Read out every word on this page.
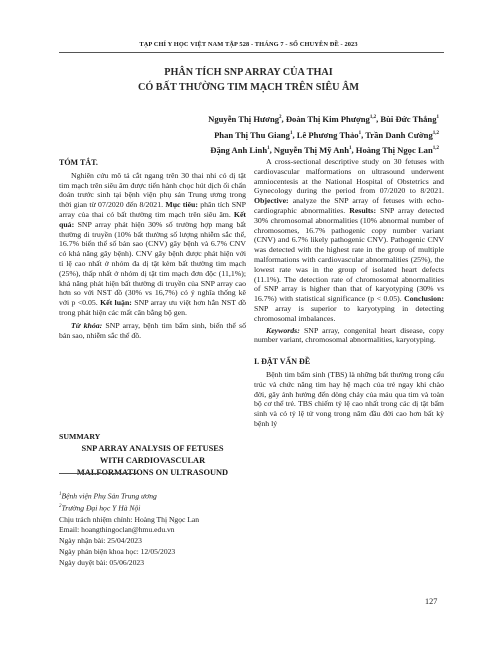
TẠP CHÍ Y HỌC VIỆT NAM TẬP 528 - THÁNG 7 - SỐ CHUYÊN ĐỀ - 2023
PHÂN TÍCH SNP ARRAY CỦA THAI
CÓ BẤT THƯỜNG TIM MẠCH TRÊN SIÊU ÂM
Nguyễn Thị Hương$^2$, Đoàn Thị Kim Phượng$^{1,2}$, Bùi Đức Thắng$^1$
Phan Thị Thu Giang$^1$, Lê Phương Thảo$^1$, Trần Danh Cường$^{1,2}$
Đặng Anh Linh$^1$, Nguyễn Thị Mỹ Anh$^1$, Hoàng Thị Ngọc Lan$^{1,2}$

TÓM TẮT.

Nghiên cứu mô tả cắt ngang trên 30 thai nhi có dị tật tim mạch trên siêu âm được tiến hành chọc hút dịch ối chẩn đoán trước sinh tại bệnh viện phụ sản Trung ương trong thời gian từ 07/2020 đến 8/2021. Mục tiêu: phân tích SNP array của thai có bất thường tim mạch trên siêu âm. Kết quả: SNP array phát hiện 30% số trường hợp mang bất thường di truyền (10% bất thường số lượng nhiễm sắc thể, 16.7% biến thể số bản sao (CNV) gây bệnh và 6.7% CNV có khả năng gây bệnh). CNV gây bệnh được phát hiện với tỉ lệ cao nhất ở nhóm đa dị tật kèm bất thường tim mạch (25%), thấp nhất ở nhóm dị tật tim mạch đơn độc (11,1%); khả năng phát hiện bất thường di truyền của SNP array cao hơn so với NST đồ (30% vs 16,7%) có ý nghĩa thống kê với p <0.05. Kết luận: SNP array ưu việt hơn hẳn NST đồ trong phát hiện các mất cân bằng bộ gen.

Từ khóa: SNP array, bệnh tim bẩm sinh, biến thể số bản sao, nhiễm sắc thể đồ.

SUMMARY
SNP ARRAY ANALYSIS OF FETUSES
WITH CARDIOVASCULAR
MALFORMATIONS ON ULTRASOUND
$^1$Bệnh viện Phụ Sản Trung ương
$^2$Trường Đại học Y Hà Nội
Chịu trách nhiệm chính: Hoàng Thị Ngọc Lan
Email: hoangthingoclan@hmu.edu.vn
Ngày nhận bài: 25/04/2023
Ngày phản biện khoa học: 12/05/2023
Ngày duyệt bài: 05/06/2023

A cross-sectional descriptive study on 30 fetuses with cardiovascular malformations on ultrasound underwent amniocentesis at the National Hospital of Obstetrics and Gynecology during the period from 07/2020 to 8/2021. Objective: analyze the SNP array of fetuses with echo-cardiographic abnormalities. Results: SNP array detected 30% chromosomal abnormalities (10% abnormal number of chromosomes, 16.7% pathogenic copy number variant (CNV) and 6.7% likely pathogenic CNV). Pathogenic CNV was detected with the highest rate in the group of multiple malformations with cardiovascular abnormalities (25%), the lowest rate was in the group of isolated heart defects (11.1%). The detection rate of chromosomal abnormalities of SNP array is higher than that of karyotyping (30% vs 16.7%) with statistical significance (p < 0.05). Conclusion: SNP array is superior to karyotyping in detecting chromosomal imbalances.

Keywords: SNP array, congenital heart disease, copy number variant, chromosomal abnormalities, karyotyping.

I. ĐẶT VẤN ĐỀ

Bệnh tim bẩm sinh (TBS) là những bất thường trong cấu trúc và chức năng tim hay hệ mạch của trẻ ngay khi chào đời, gây ảnh hưởng đến dòng chảy của máu qua tim và toàn bộ cơ thể trẻ. TBS chiếm tỷ lệ cao nhất trong các dị tật bẩm sinh và có tỷ lệ tử vong trong năm đầu đời cao hơn bất kỳ bệnh lý

127
